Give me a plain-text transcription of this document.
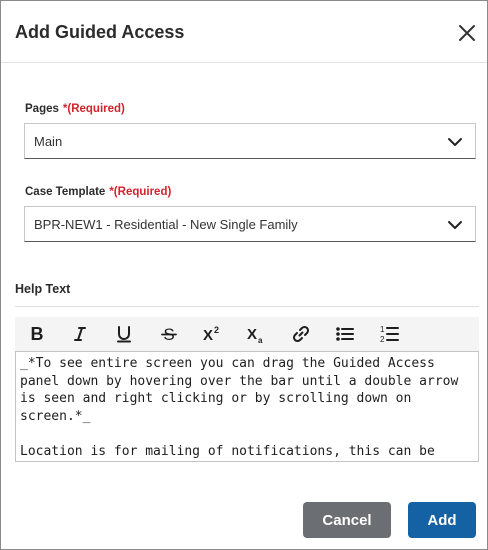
Add Guided Access
Pages *(Required)
Main
Case Template *(Required)
BPR-NEW1 - Residential - New Single Family
Help Text
B	S X 2 X a
1
2
_*To see entire screen you can drag the Guided Access panel down by hovering over the bar until a double arrow is seen and right clicking or by scrolling down on screen.*_

Location is for mailing of notifications, this can be
Cancel	Add
